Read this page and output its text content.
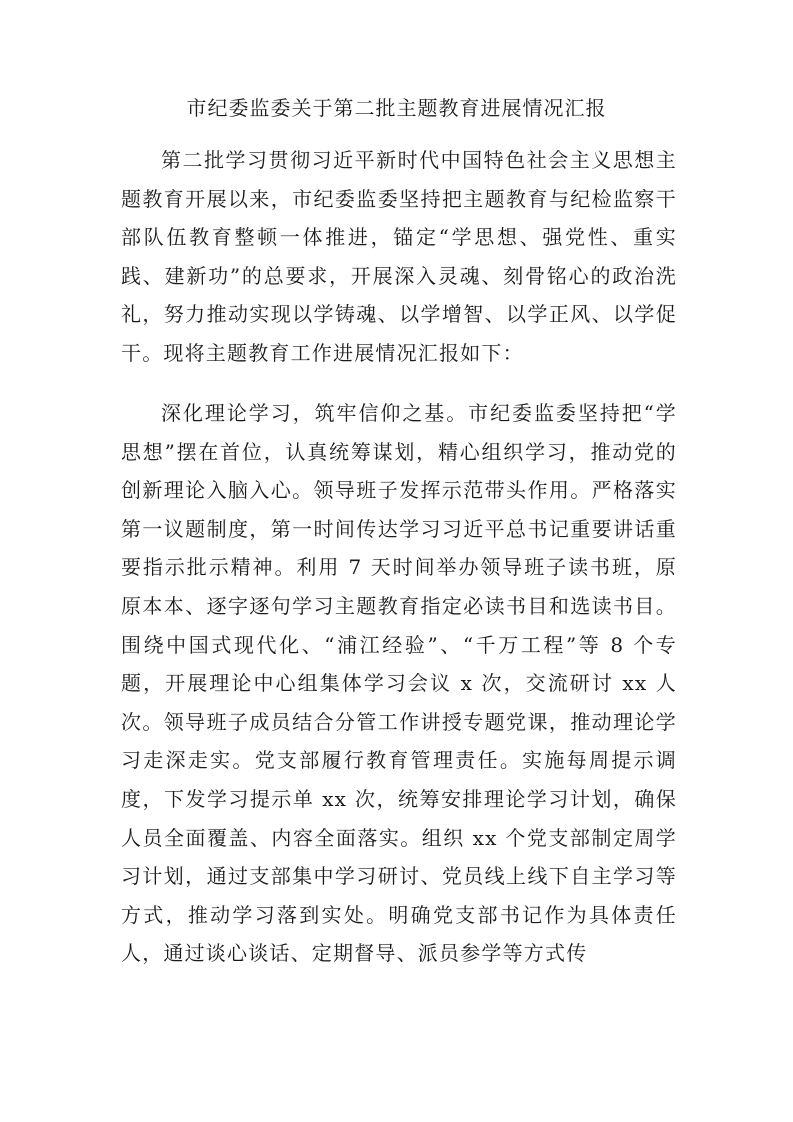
市纪委监委关于第二批主题教育进展情况汇报

第二批学习贯彻习近平新时代中国特色社会主义思想主题教育开展以来，市纪委监委坚持把主题教育与纪检监察干部队伍教育整顿一体推进，锚定“学思想、强党性、重实践、建新功”的总要求，开展深入灵魂、刻骨铭心的政治洗礼，努力推动实现以学铸魂、以学增智、以学正风、以学促干。现将主题教育工作进展情况汇报如下：

深化理论学习，筑牢信仰之基。市纪委监委坚持把“学思想”摆在首位，认真统筹谋划，精心组织学习，推动党的创新理论入脑入心。领导班子发挥示范带头作用。严格落实第一议题制度，第一时间传达学习习近平总书记重要讲话重要指示批示精神。利用 7 天时间举办领导班子读书班，原原本本、逐字逐句学习主题教育指定必读书目和选读书目。围绕中国式现代化、“浦江经验”、“千万工程”等 8 个专题，开展理论中心组集体学习会议 x 次，交流研讨 xx 人次。领导班子成员结合分管工作讲授专题党课，推动理论学习走深走实。党支部履行教育管理责任。实施每周提示调度，下发学习提示单 xx 次，统筹安排理论学习计划，确保人员全面覆盖、内容全面落实。组织 xx 个党支部制定周学习计划，通过支部集中学习研讨、党员线上线下自主学习等方式，推动学习落到实处。明确党支部书记作为具体责任人，通过谈心谈话、定期督导、派员参学等方式传
